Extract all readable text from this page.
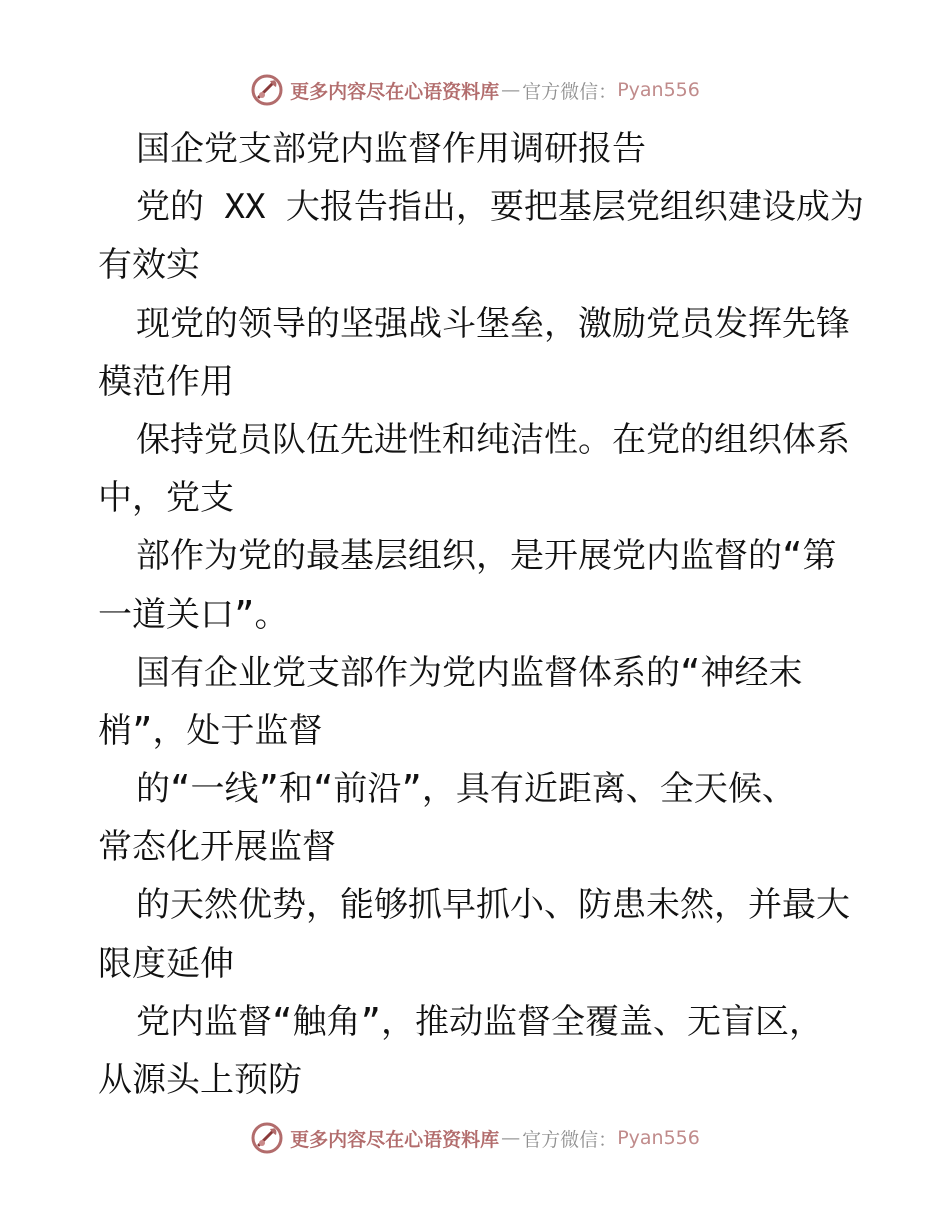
更多内容尽在心语资料库 — 官方微信： Pyan556
国企党支部党内监督作用调研报告
党的 XX 大报告指出，要把基层党组织建设成为
有效实
现党的领导的坚强战斗堡垒，激励党员发挥先锋
模范作用
保持党员队伍先进性和纯洁性。在党的组织体系
中，党支
部作为党的最基层组织，是开展党内监督的“第
一道关口”。
国有企业党支部作为党内监督体系的“神经末
梢”，处于监督
的“一线”和“前沿”，具有近距离、全天候、
常态化开展监督
的天然优势，能够抓早抓小、防患未然，并最大
限度延伸
党内监督“触角”，推动监督全覆盖、无盲区，
从源头上预防
更多内容尽在心语资料库 — 官方微信： Pyan556
